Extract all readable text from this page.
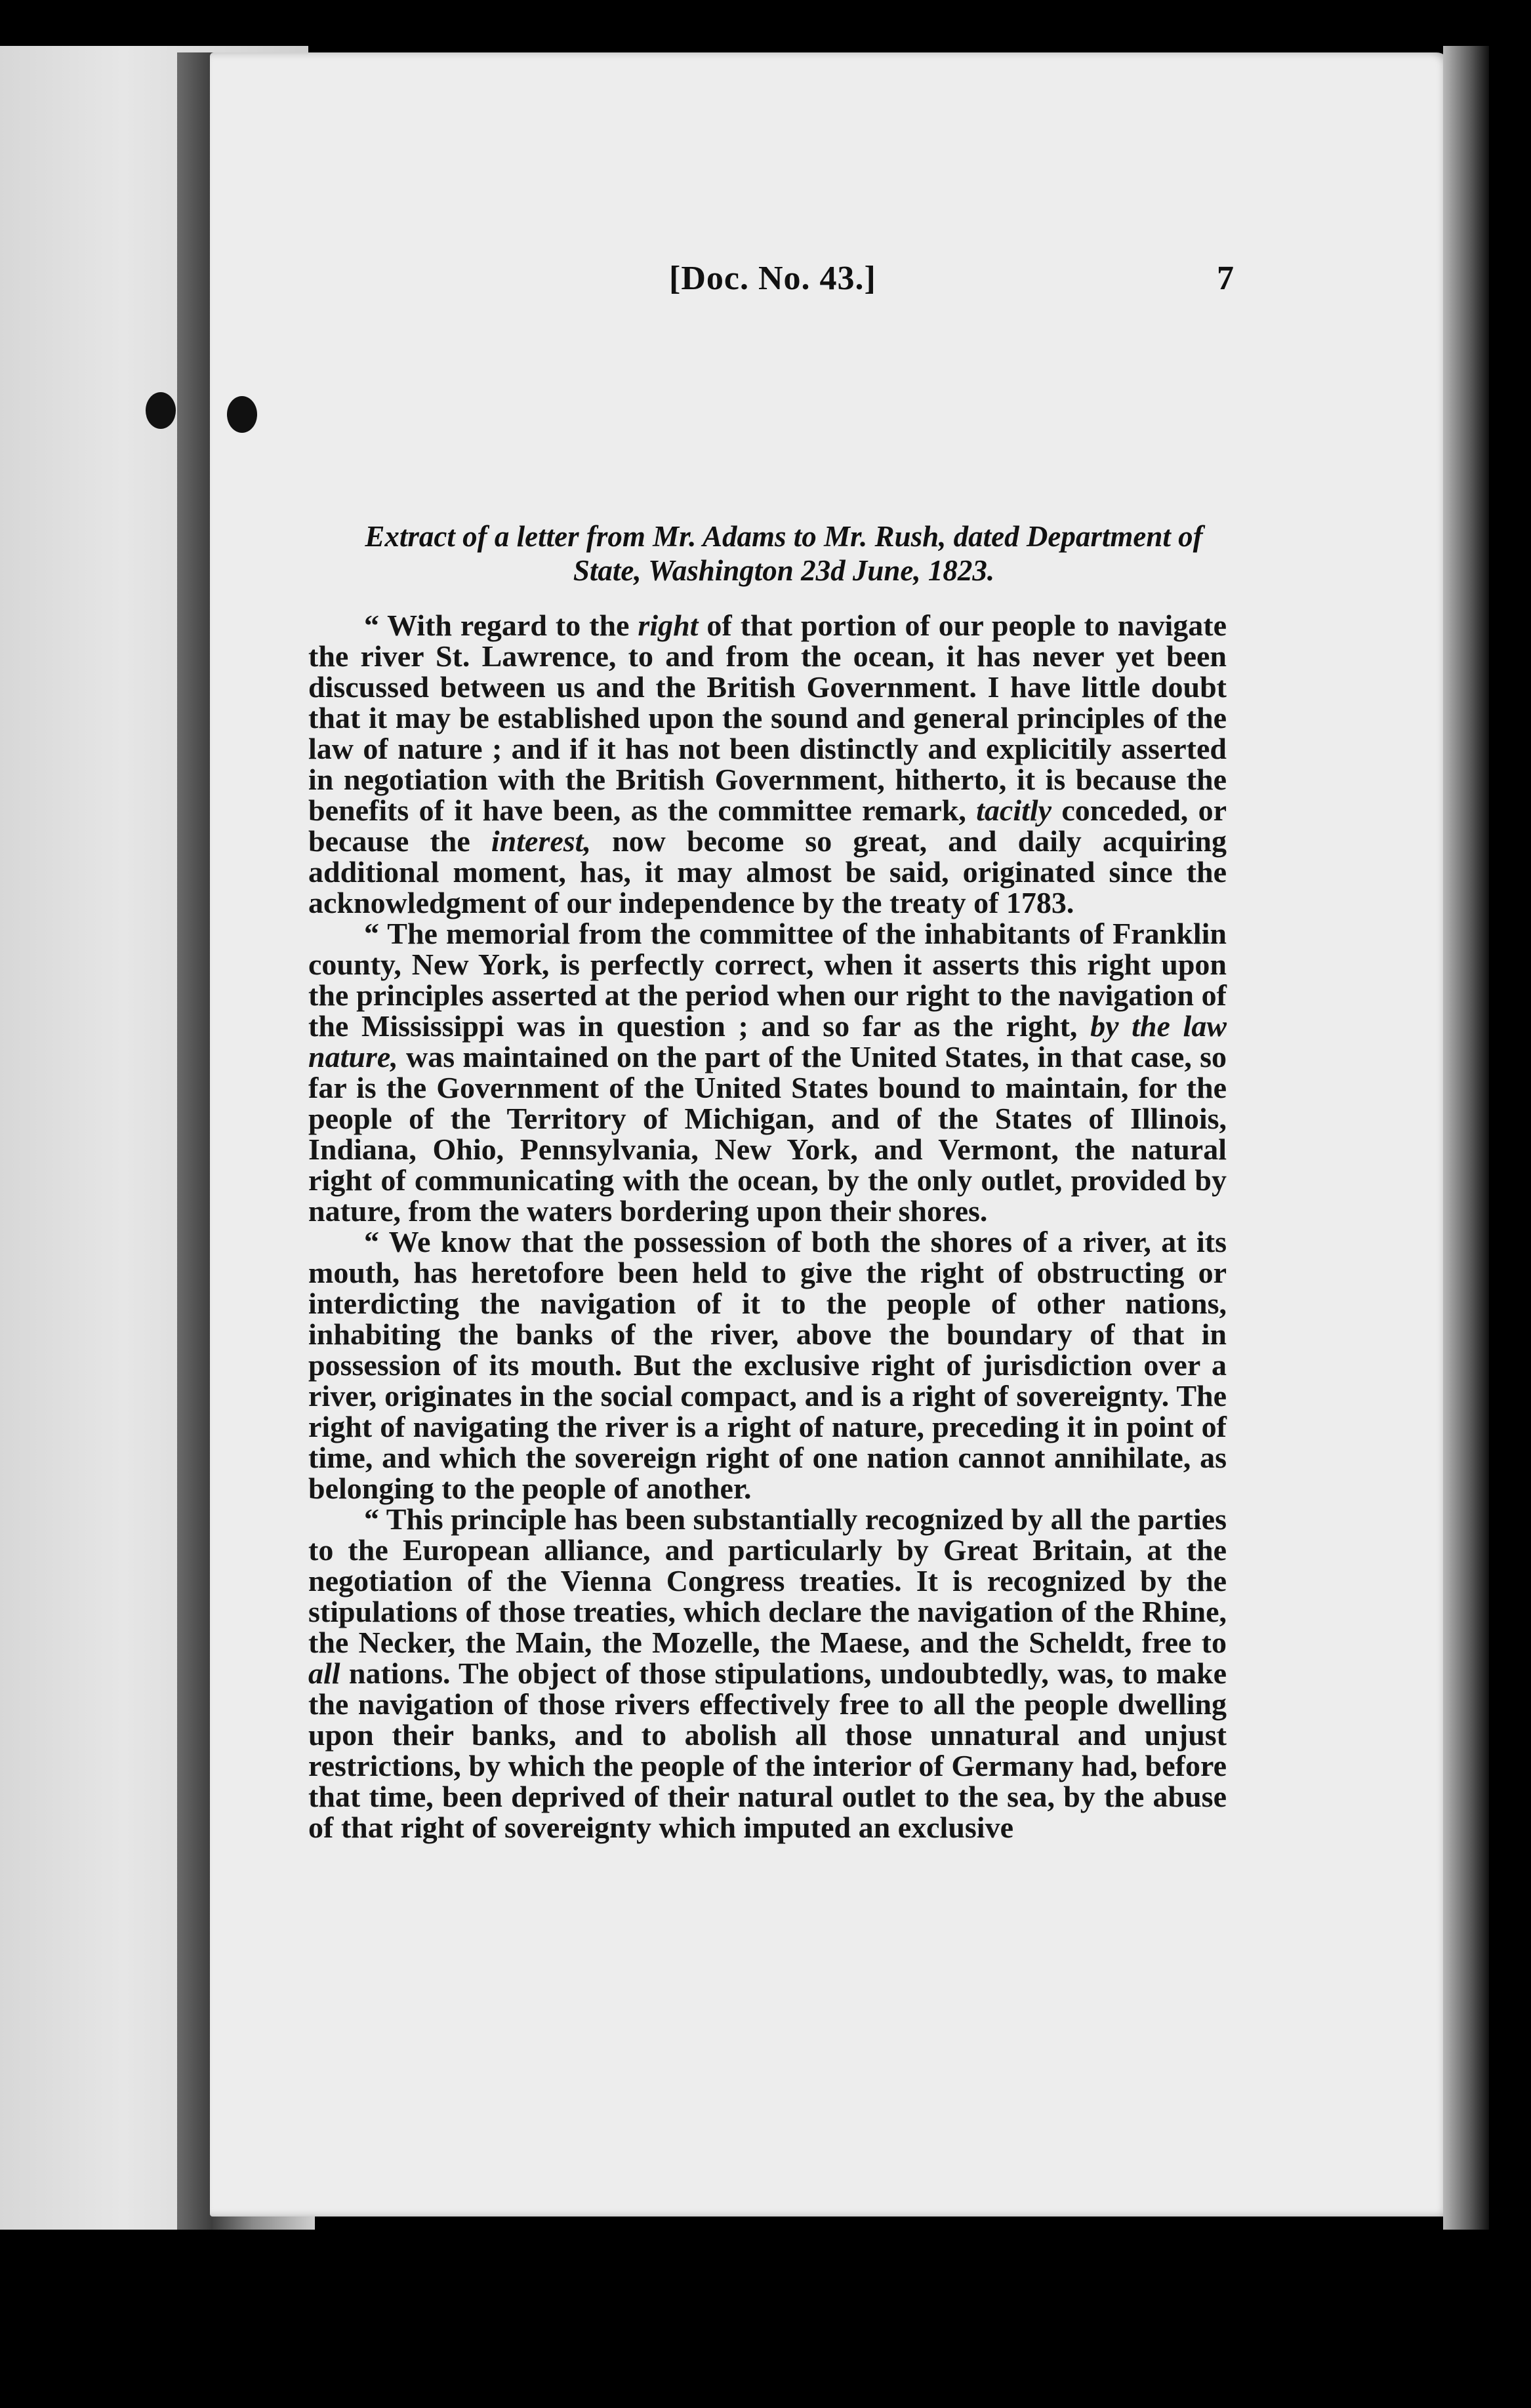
[Doc. No. 43.]	7
Extract of a letter from Mr. Adams to Mr. Rush, dated Department of
State, Washington 23d June, 1823.

“ With regard to the right of that portion of our people to navigate the river St. Lawrence, to and from the ocean, it has never yet been discussed between us and the British Government. I have little doubt that it may be established upon the sound and general principles of the law of nature ; and if it has not been distinctly and explicitily asserted in negotiation with the British Government, hitherto, it is because the benefits of it have been, as the committee remark, tacitly conceded, or because the interest, now become so great, and daily acquiring additional moment, has, it may almost be said, originated since the acknowledgment of our independence by the treaty of 1783.

“ The memorial from the committee of the inhabitants of Franklin county, New York, is perfectly correct, when it asserts this right upon the principles asserted at the period when our right to the navigation of the Mississippi was in question ; and so far as the right, by the law nature, was maintained on the part of the United States, in that case, so far is the Government of the United States bound to maintain, for the people of the Territory of Michigan, and of the States of Illinois, Indiana, Ohio, Pennsylvania, New York, and Vermont, the natural right of communicating with the ocean, by the only outlet, provided by nature, from the waters bordering upon their shores.

“ We know that the possession of both the shores of a river, at its mouth, has heretofore been held to give the right of obstructing or interdicting the navigation of it to the people of other nations, inhabiting the banks of the river, above the boundary of that in possession of its mouth. But the exclusive right of jurisdiction over a river, originates in the social compact, and is a right of sovereignty. The right of navigating the river is a right of nature, preceding it in point of time, and which the sovereign right of one nation cannot annihilate, as belonging to the people of another.

“ This principle has been substantially recognized by all the parties to the European alliance, and particularly by Great Britain, at the negotiation of the Vienna Congress treaties. It is recognized by the stipulations of those treaties, which declare the navigation of the Rhine, the Necker, the Main, the Mozelle, the Maese, and the Scheldt, free to all nations. The object of those stipulations, undoubtedly, was, to make the navigation of those rivers effectively free to all the people dwelling upon their banks, and to abolish all those unnatural and unjust restrictions, by which the people of the interior of Germany had, before that time, been deprived of their natural outlet to the sea, by the abuse of that right of sovereignty which imputed an exclusive
